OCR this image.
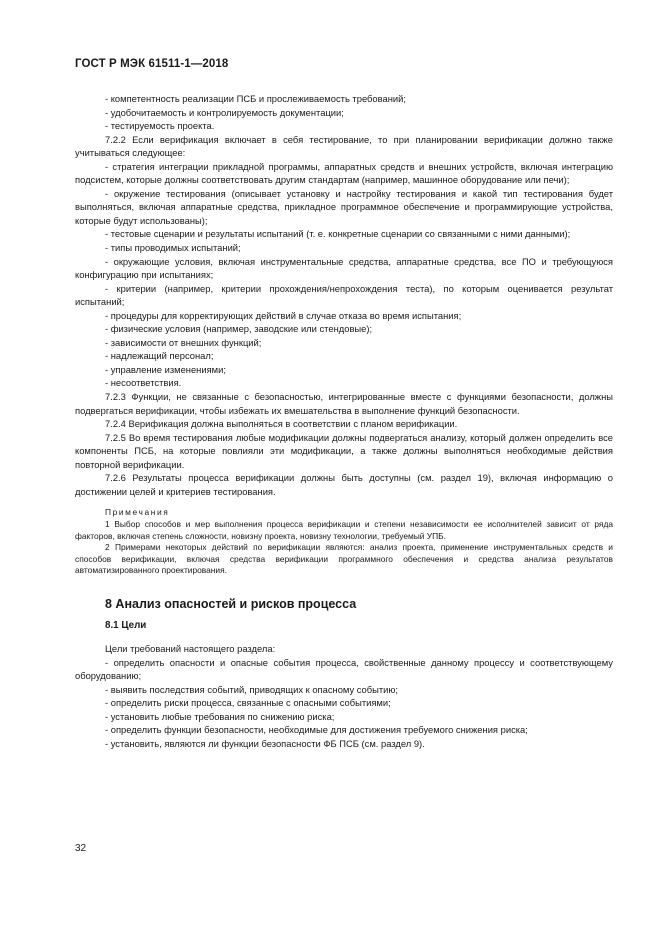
ГОСТ Р МЭК 61511-1—2018

- компетентность реализации ПСБ и прослеживаемость требований;

- удобочитаемость и контролируемость документации;

- тестируемость проекта.

7.2.2 Если верификация включает в себя тестирование, то при планировании верификации должно также учитываться следующее:

- стратегия интеграции прикладной программы, аппаратных средств и внешних устройств, включая интеграцию подсистем, которые должны соответствовать другим стандартам (например, машинное оборудование или печи);

- окружение тестирования (описывает установку и настройку тестирования и какой тип тестирования будет выполняться, включая аппаратные средства, прикладное программное обеспечение и программирующие устройства, которые будут использованы);

- тестовые сценарии и результаты испытаний (т. е. конкретные сценарии со связанными с ними данными);

- типы проводимых испытаний;

- окружающие условия, включая инструментальные средства, аппаратные средства, все ПО и требующуюся конфигурацию при испытаниях;

- критерии (например, критерии прохождения/непрохождения теста), по которым оценивается результат испытаний;

- процедуры для корректирующих действий в случае отказа во время испытания;

- физические условия (например, заводские или стендовые);

- зависимости от внешних функций;

- надлежащий персонал;

- управление изменениями;

- несоответствия.

7.2.3 Функции, не связанные с безопасностью, интегрированные вместе с функциями безопасности, должны подвергаться верификации, чтобы избежать их вмешательства в выполнение функций безопасности.

7.2.4 Верификация должна выполняться в соответствии с планом верификации.

7.2.5 Во время тестирования любые модификации должны подвергаться анализу, который должен определить все компоненты ПСБ, на которые повлияли эти модификации, а также должны выполняться необходимые действия повторной верификации.

7.2.6 Результаты процесса верификации должны быть доступны (см. раздел 19), включая информацию о достижении целей и критериев тестирования.

Примечания

1 Выбор способов и мер выполнения процесса верификации и степени независимости ее исполнителей зависит от ряда факторов, включая степень сложности, новизну проекта, новизну технологии, требуемый УПБ.

2 Примерами некоторых действий по верификации являются: анализ проекта, применение инструментальных средств и способов верификации, включая средства верификации программного обеспечения и средства анализа результатов автоматизированного проектирования.

8 Анализ опасностей и рисков процесса

8.1 Цели

Цели требований настоящего раздела:

- определить опасности и опасные события процесса, свойственные данному процессу и соответствующему оборудованию;

- выявить последствия событий, приводящих к опасному событию;

- определить риски процесса, связанные с опасными событиями;

- установить любые требования по снижению риска;

- определить функции безопасности, необходимые для достижения требуемого снижения риска;

- установить, являются ли функции безопасности ФБ ПСБ (см. раздел 9).

32
